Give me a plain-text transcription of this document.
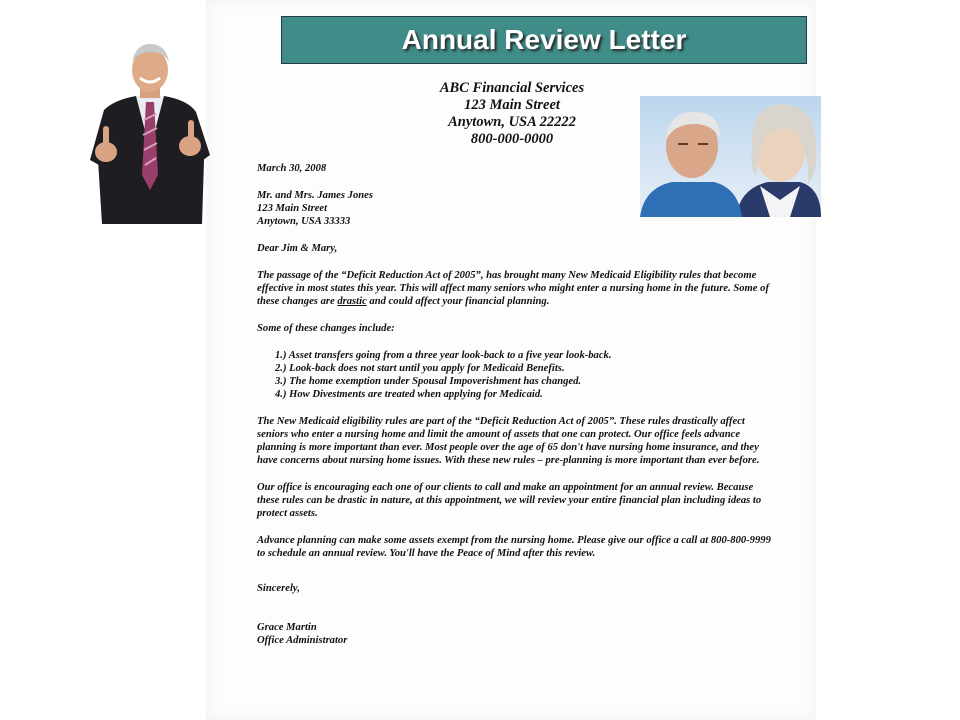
Annual Review Letter
ABC Financial Services
123 Main Street
Anytown, USA 22222
800-000-0000

March 30, 2008

Mr. and Mrs. James Jones
123 Main Street
Anytown, USA 33333

Dear Jim & Mary,

The passage of the “Deficit Reduction Act of 2005”, has brought many New Medicaid Eligibility rules that become effective in most states this year. This will affect many seniors who might enter a nursing home in the future. Some of these changes are drastic and could affect your financial planning.

Some of these changes include:

1.) Asset transfers going from a three year look-back to a five year look-back.
2.) Look-back does not start until you apply for Medicaid Benefits.
3.) The home exemption under Spousal Impoverishment has changed.
4.) How Divestments are treated when applying for Medicaid.

The New Medicaid eligibility rules are part of the “Deficit Reduction Act of 2005”. These rules drastically affect seniors who enter a nursing home and limit the amount of assets that one can protect. Our office feels advance planning is more important than ever. Most people over the age of 65 don't have nursing home insurance, and they have concerns about nursing home issues. With these new rules – pre-planning is more important than ever before.

Our office is encouraging each one of our clients to call and make an appointment for an annual review. Because these rules can be drastic in nature, at this appointment, we will review your entire financial plan including ideas to protect assets.

Advance planning can make some assets exempt from the nursing home. Please give our office a call at 800-800-9999 to schedule an annual review. You'll have the Peace of Mind after this review.

Sincerely,

Grace Martin

Office Administrator
